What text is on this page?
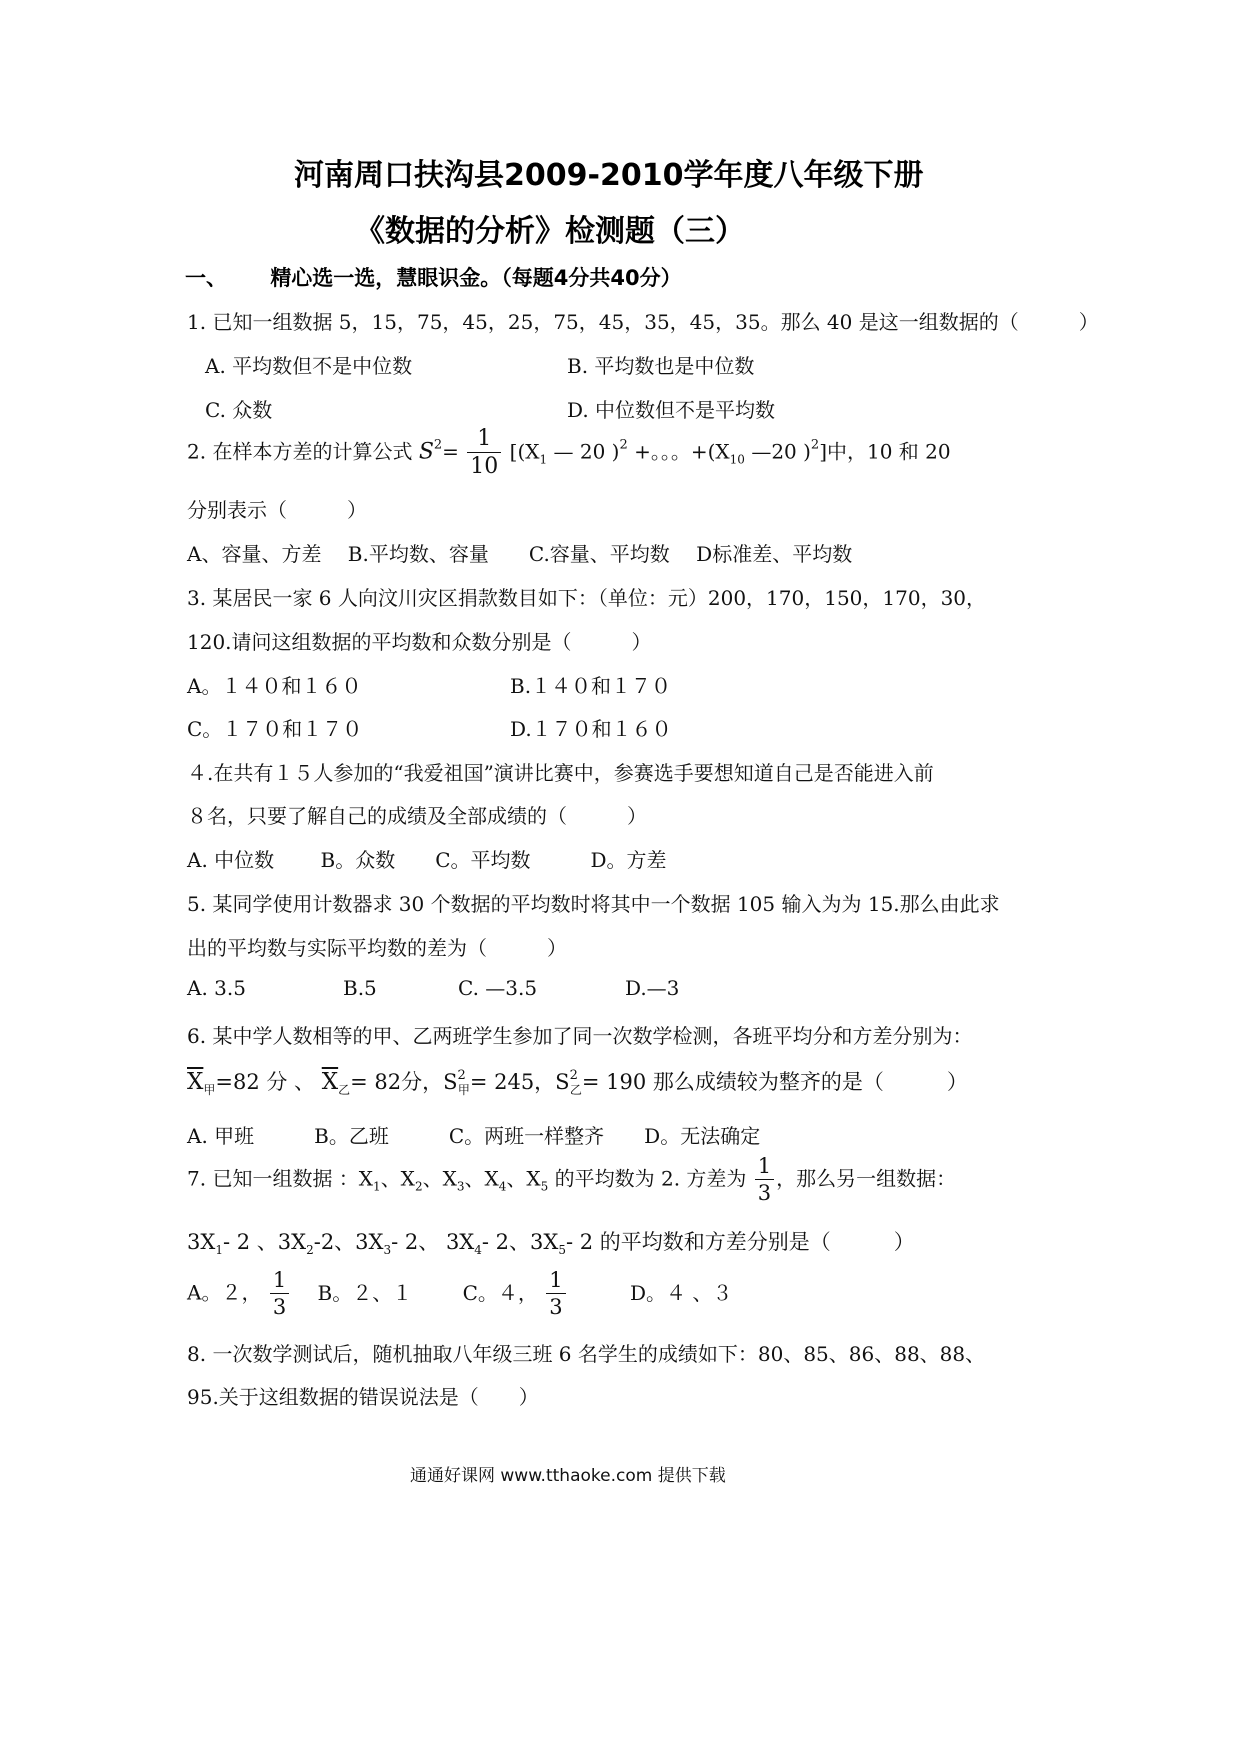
河南周口扶沟县2009-2010学年度八年级下册
《数据的分析》检测题（三）
一、 精心选一选，慧眼识金。（每题4分共40分）
1. 已知一组数据 5，15，75，45，25，75，45，35，45，35。那么 40 是这一组数据的（　　　）
A. 平均数但不是中位数	B. 平均数也是中位数
C. 众数	D. 中位数但不是平均数
2. 在样本方差的计算公式 $S^2= \frac{1}{10} [(X_1$ — 20 )$^2$ +。。。$+(X_{10}$ —20 )$^2$]中，10 和 20
分别表示（　　　）
A、容量、方差　 B.平均数、容量　　C.容量、平均数　 D标准差、平均数
3. 某居民一家 6 人向汶川灾区捐款数目如下：（单位：元）200，170，150，170，30，
120.请问这组数据的平均数和众数分别是（　　　）
A。１４０和１６０	B.１４０和１７０
C。１７０和１７０	D.１７０和１６０
４.在共有１５人参加的“我爱祖国”演讲比赛中，参赛选手要想知道自己是否能进入前
８名，只要了解自己的成绩及全部成绩的（　　　）
A. 中位数　　 B。众数　　C。平均数　　　D。方差
5. 某同学使用计数器求 30 个数据的平均数时将其中一个数据 105 输入为为 15.那么由此求
出的平均数与实际平均数的差为（　　　）
A. 3.5	B.5	C. —3.5	D.—3
6. 某中学人数相等的甲、乙两班学生参加了同一次数学检测，各班平均分和方差分别为：
$\overline{X}_甲=82$ 分 、 $\overline{X}_乙= 82$分，$S^2_甲= 245$，$S^2_乙= 190$ 那么成绩较为整齐的是（　　　）
A. 甲班　　　B。乙班　　　C。两班一样整齐　　D。无法确定
7. 已知一组数据 ：$X_1$、$X_2$、$X_3$、$X_4$、$X_5$ 的平均数为 2. 方差为 $\frac{1}{3}$ ，那么另一组数据：
$3X_1-$ 2 、$3X_2-2$、$3X_3-$ 2、 $3X_4-$ 2、$3X_5-$ 2 的平均数和方差分别是（　　　）
A。２， $\frac{1}{3}$ B。２、１	C。４， $\frac{1}{3}$	D。４ 、３
8. 一次数学测试后，随机抽取八年级三班 6 名学生的成绩如下：80、85、86、88、88、
95.关于这组数据的错误说法是（　　）
通通好课网 www.tthaoke.com 提供下载
